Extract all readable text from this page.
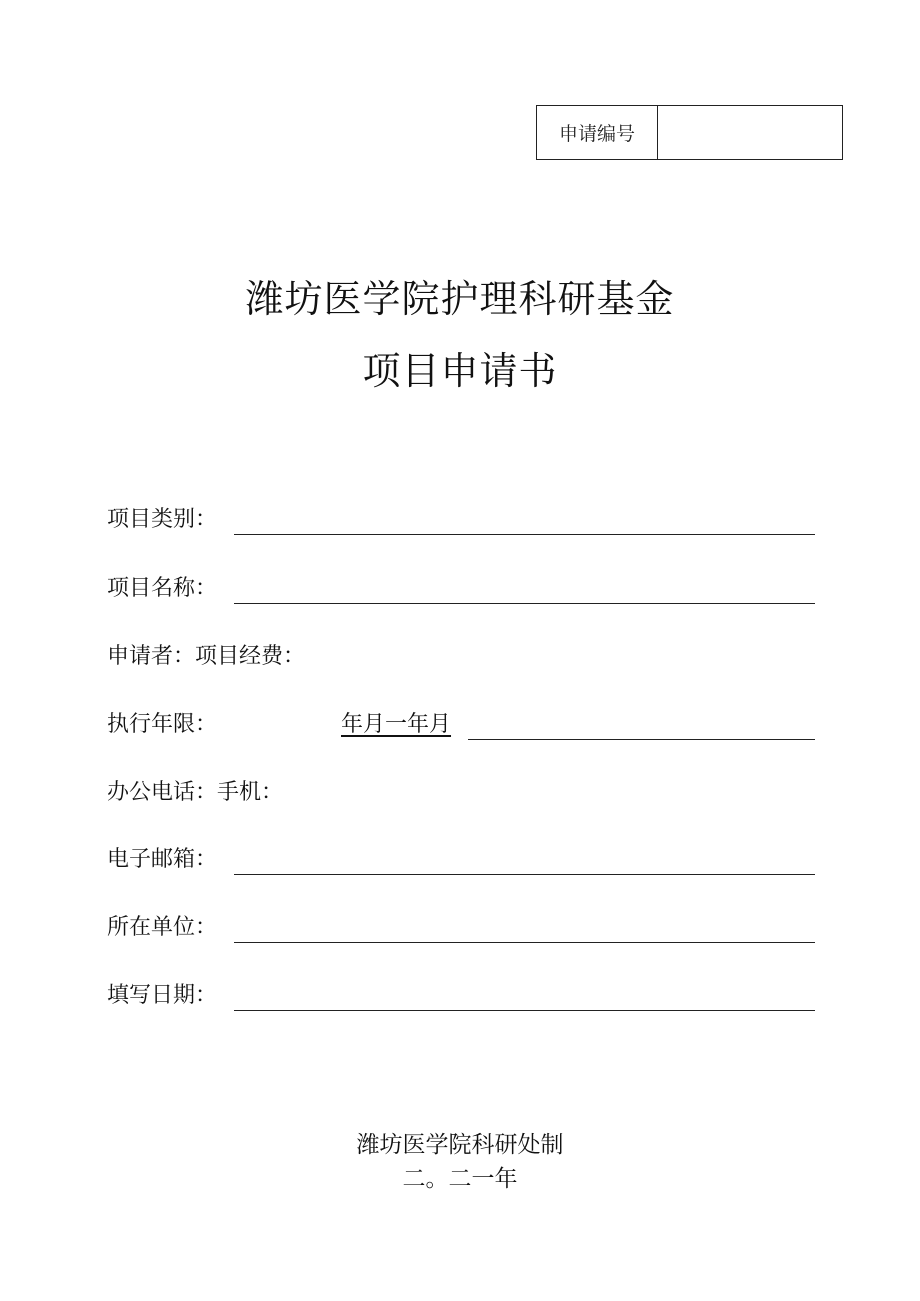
申请编号
潍坊医学院护理科研基金
项目申请书
项目类别：
项目名称：
申请者：项目经费：
执行年限：	年月一年月
办公电话：手机：
电子邮箱：
所在单位：
填写日期：
潍坊医学院科研处制
二。二一年
